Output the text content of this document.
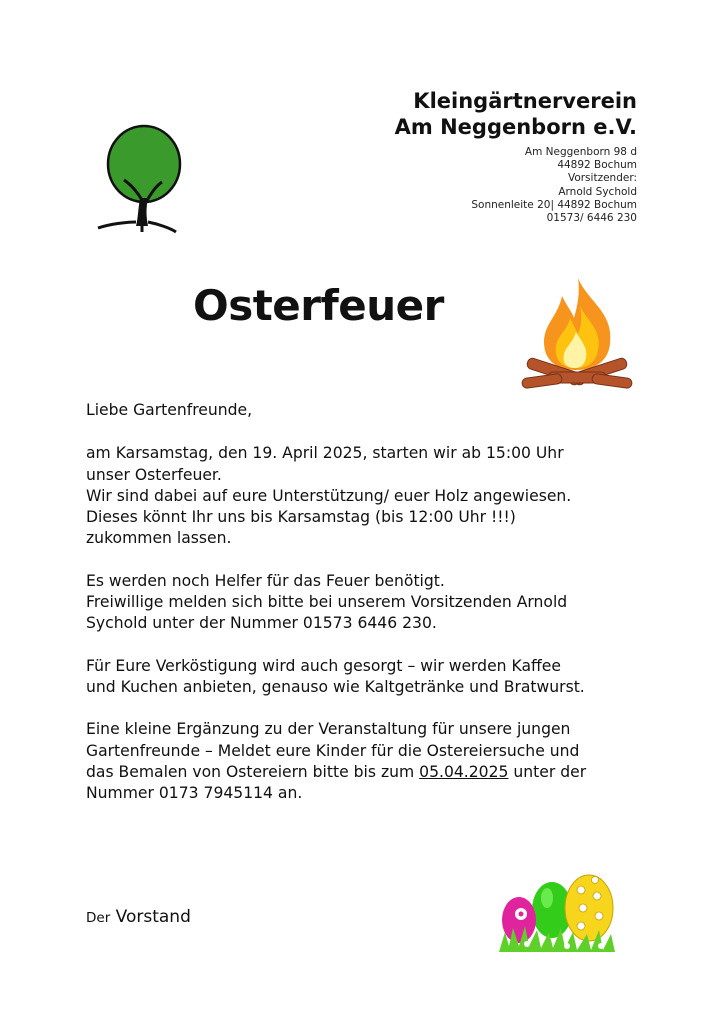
Kleingärtnerverein
Am Neggenborn e.V.
Am Neggenborn 98 d
44892 Bochum
Vorsitzender:
Arnold Sychold
Sonnenleite 20| 44892 Bochum
01573/ 6446 230
Osterfeuer

Liebe Gartenfreunde,

am Karsamstag, den 19. April 2025, starten wir ab 15:00 Uhr
unser Osterfeuer.
Wir sind dabei auf eure Unterstützung/ euer Holz angewiesen.
Dieses könnt Ihr uns bis Karsamstag (bis 12:00 Uhr !!!)
zukommen lassen.

Es werden noch Helfer für das Feuer benötigt.
Freiwillige melden sich bitte bei unserem Vorsitzenden Arnold
Sychold unter der Nummer 01573 6446 230.

Für Eure Verköstigung wird auch gesorgt – wir werden Kaffee
und Kuchen anbieten, genauso wie Kaltgetränke und Bratwurst.

Eine kleine Ergänzung zu der Veranstaltung für unsere jungen
Gartenfreunde – Meldet eure Kinder für die Ostereiersuche und
das Bemalen von Ostereiern bitte bis zum 05.04.2025 unter der
Nummer 0173 7945114 an.

Der Vorstand
